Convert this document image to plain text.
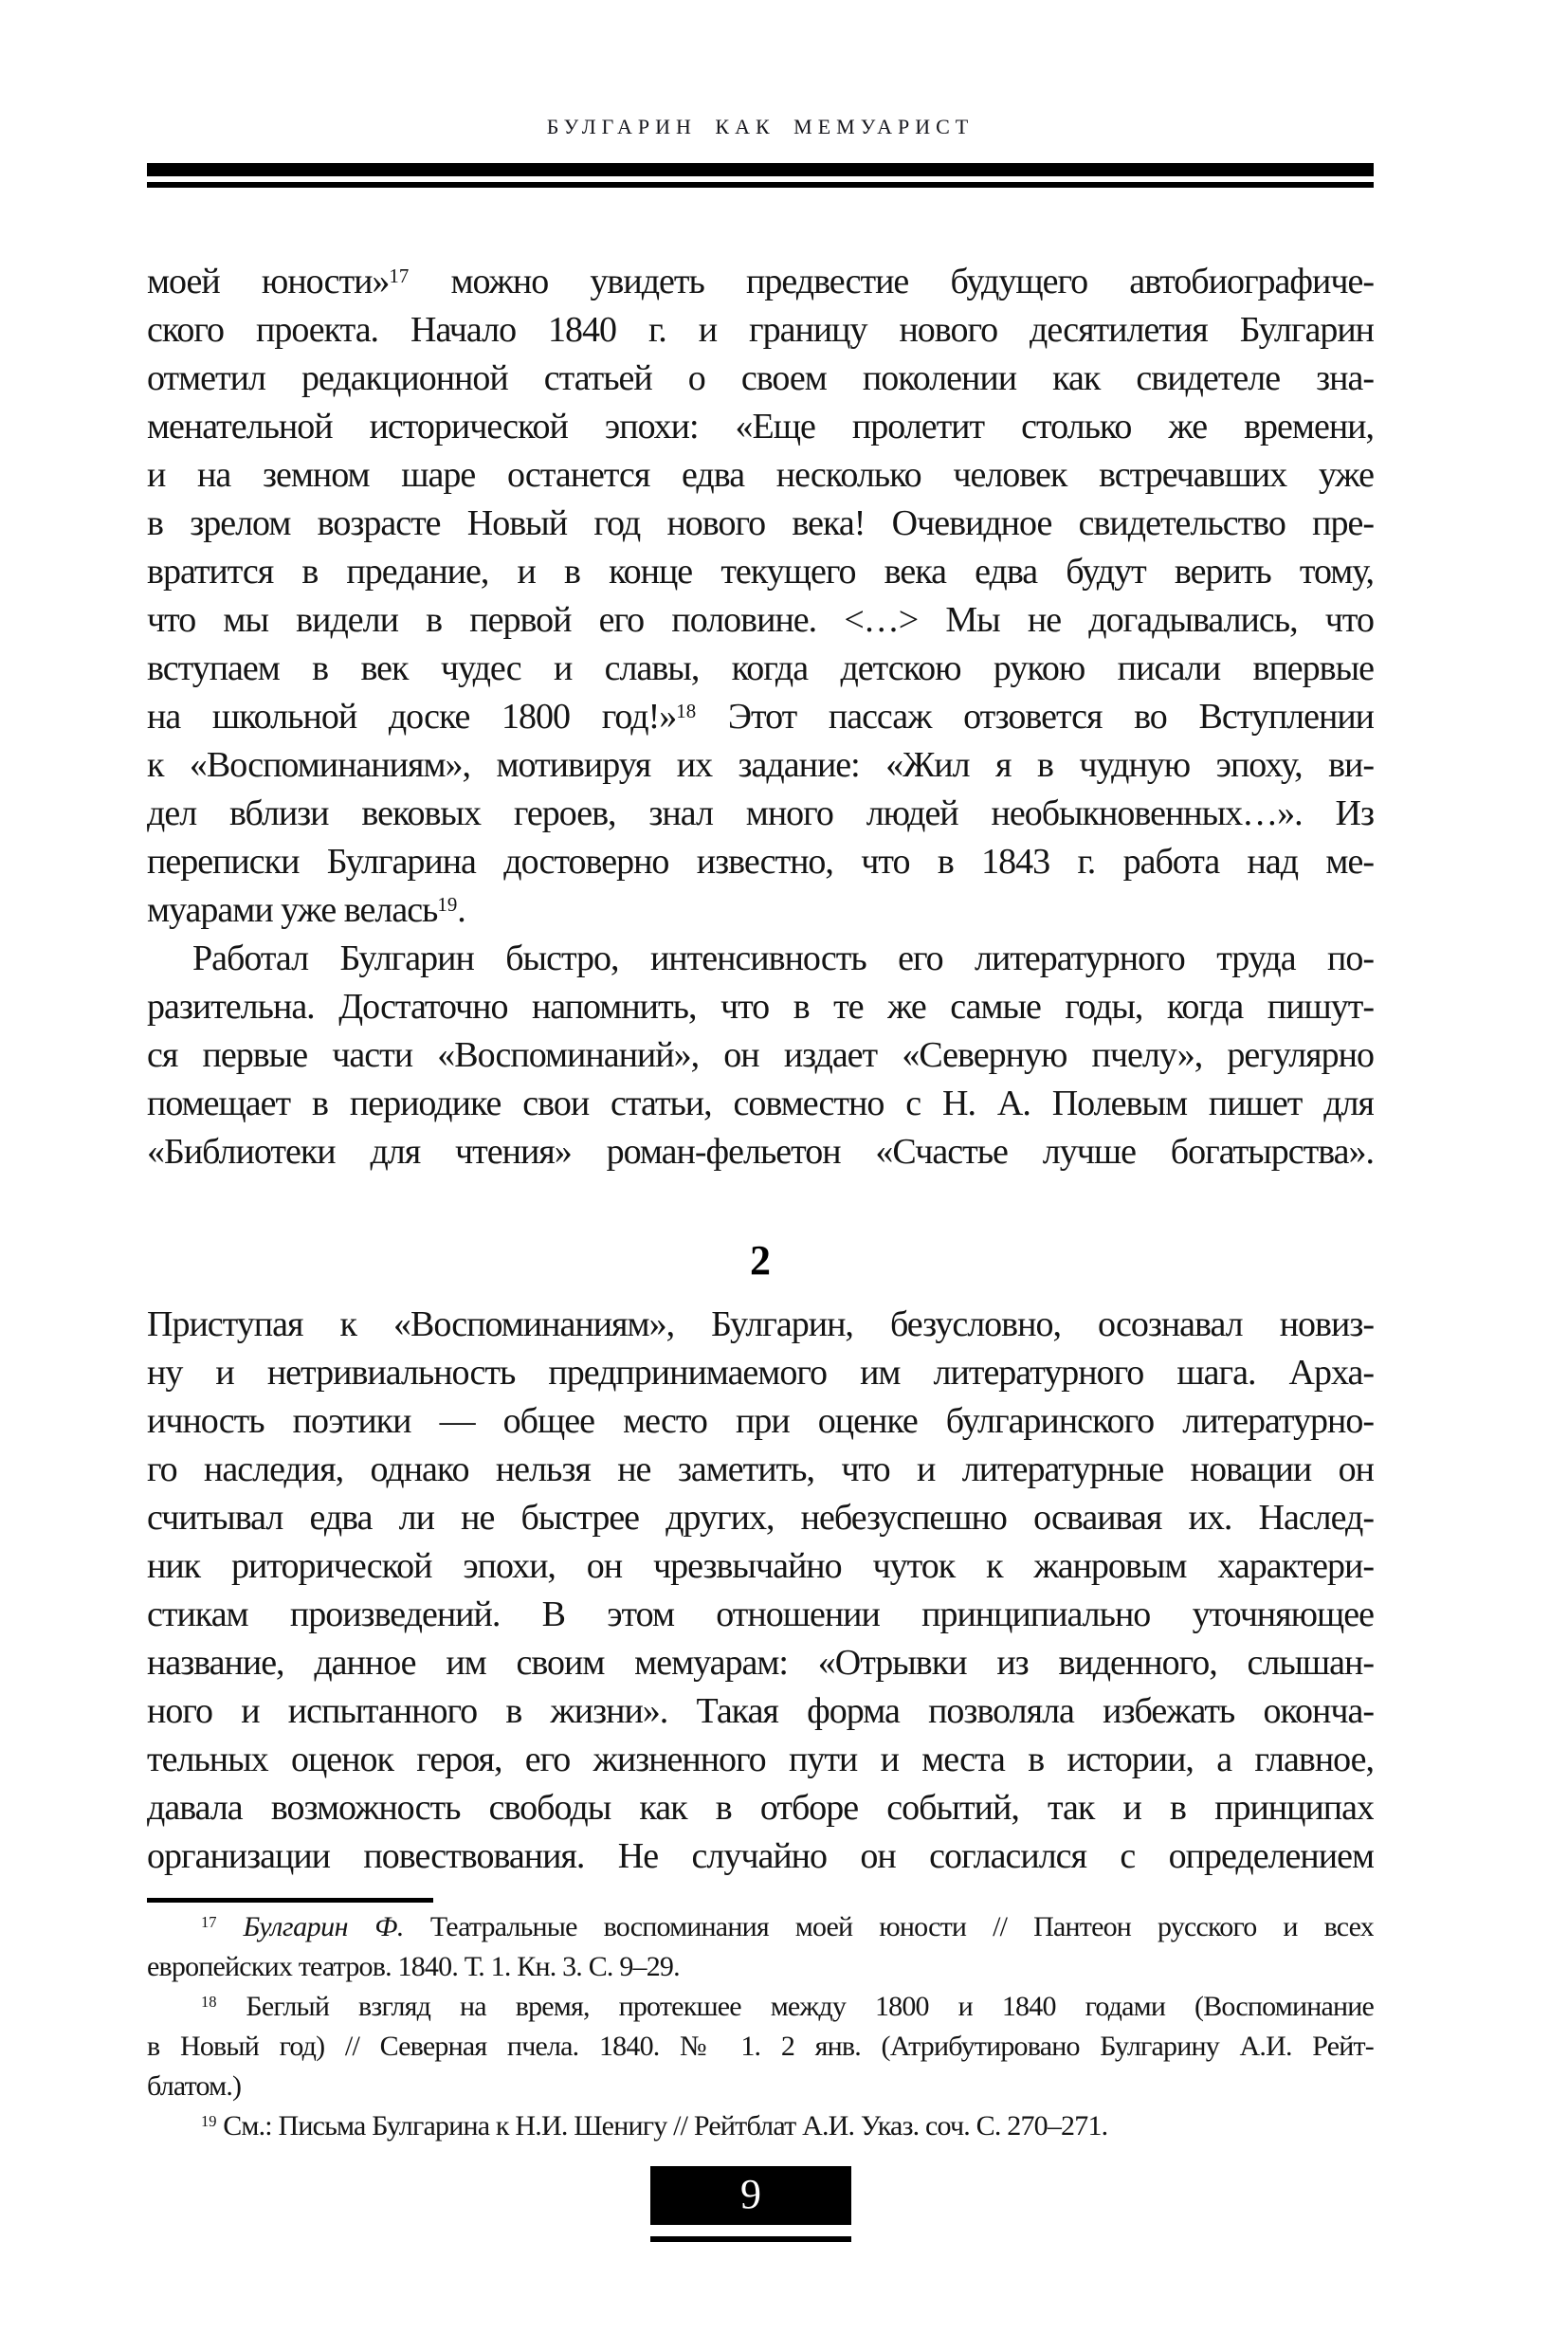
БУЛГАРИН КАК МЕМУАРИСТ
моей юности»$^{17}$ можно увидеть предвестие будущего автобиографиче-
ского проекта. Начало 1840 г. и границу нового десятилетия Булгарин
отметил редакционной статьей о своем поколении как свидетеле зна-
менательной исторической эпохи: «Еще пролетит столько же времени,
и на земном шаре останется едва несколько человек встречавших уже
в зрелом возрасте Новый год нового века! Очевидное свидетельство пре-
вратится в предание, и в конце текущего века едва будут верить тому,
что мы видели в первой его половине. <…> Мы не догадывались, что
вступаем в век чудес и славы, когда детскою рукою писали впервые
на школьной доске 1800 год!»$^{18}$ Этот пассаж отзовется во Вступлении
к «Воспоминаниям», мотивируя их задание: «Жил я в чудную эпоху, ви-
дел вблизи вековых героев, знал много людей необыкновенных…». Из
переписки Булгарина достоверно известно, что в 1843 г. работа над ме-
муарами уже велась$^{19}$.
Работал Булгарин быстро, интенсивность его литературного труда по-
разительна. Достаточно напомнить, что в те же самые годы, когда пишут-
ся первые части «Воспоминаний», он издает «Северную пчелу», регулярно
помещает в периодике свои статьи, совместно с Н. А. Полевым пишет для
«Библиотеки для чтения» роман-фельетон «Счастье лучше богатырства».
2
Приступая к «Воспоминаниям», Булгарин, безусловно, осознавал новиз-
ну и нетривиальность предпринимаемого им литературного шага. Арха-
ичность поэтики — общее место при оценке булгаринского литературно-
го наследия, однако нельзя не заметить, что и литературные новации он
считывал едва ли не быстрее других, небезуспешно осваивая их. Наслед-
ник риторической эпохи, он чрезвычайно чуток к жанровым характери-
стикам произведений. В этом отношении принципиально уточняющее
название, данное им своим мемуарам: «Отрывки из виденного, слышан-
ного и испытанного в жизни». Такая форма позволяла избежать оконча-
тельных оценок героя, его жизненного пути и места в истории, а главное,
давала возможность свободы как в отборе событий, так и в принципах
организации повествования. Не случайно он согласился с определением
$^{17}$ Булгарин Ф. Театральные воспоминания моей юности // Пантеон русского и всех
европейских театров. 1840. Т. 1. Кн. 3. С. 9–29.
$^{18}$ Беглый взгляд на время, протекшее между 1800 и 1840 годами (Воспоминание
в Новый год) // Северная пчела. 1840. № 1. 2 янв. (Атрибутировано Булгарину А.И. Рейт-
блатом.)
$^{19}$ См.: Письма Булгарина к Н.И. Шенигу // Рейтблат А.И. Указ. соч. С. 270–271.
9
